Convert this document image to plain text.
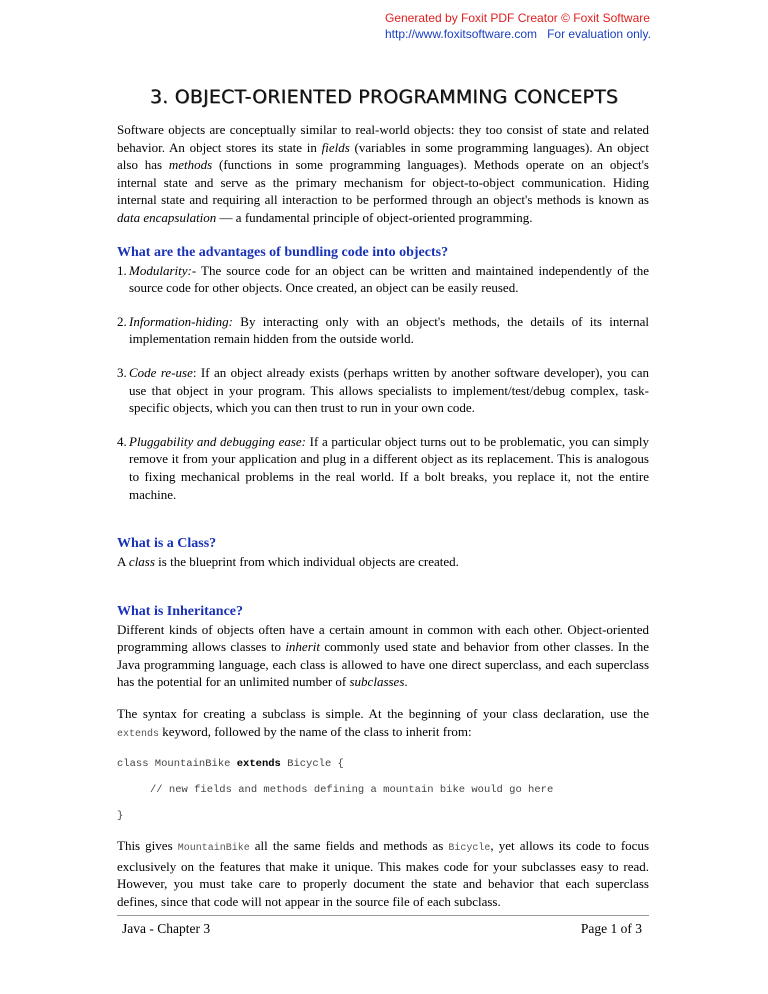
Generated by Foxit PDF Creator © Foxit Software
http://www.foxitsoftware.com For evaluation only.
3. OBJECT-ORIENTED PROGRAMMING CONCEPTS

Software objects are conceptually similar to real-world objects: they too consist of state and related behavior. An object stores its state in fields (variables in some programming languages). An object also has methods (functions in some programming languages). Methods operate on an object's internal state and serve as the primary mechanism for object-to-object communication. Hiding internal state and requiring all interaction to be performed through an object's methods is known as data encapsulation — a fundamental principle of object-oriented programming.

What are the advantages of bundling code into objects?
1. Modularity:- The source code for an object can be written and maintained independently of the source code for other objects. Once created, an object can be easily reused.
2. Information-hiding: By interacting only with an object's methods, the details of its internal implementation remain hidden from the outside world.
3. Code re-use: If an object already exists (perhaps written by another software developer), you can use that object in your program. This allows specialists to implement/test/debug complex, task-specific objects, which you can then trust to run in your own code.
4. Pluggability and debugging ease: If a particular object turns out to be problematic, you can simply remove it from your application and plug in a different object as its replacement. This is analogous to fixing mechanical problems in the real world. If a bolt breaks, you replace it, not the entire machine.
What is a Class?

A class is the blueprint from which individual objects are created.

What is Inheritance?

Different kinds of objects often have a certain amount in common with each other. Object-oriented programming allows classes to inherit commonly used state and behavior from other classes. In the Java programming language, each class is allowed to have one direct superclass, and each superclass has the potential for an unlimited number of subclasses.

The syntax for creating a subclass is simple. At the beginning of your class declaration, use the extends keyword, followed by the name of the class to inherit from:

class MountainBike extends Bicycle {
// new fields and methods defining a mountain bike would go here
}

This gives MountainBike all the same fields and methods as Bicycle, yet allows its code to focus exclusively on the features that make it unique. This makes code for your subclasses easy to read. However, you must take care to properly document the state and behavior that each superclass defines, since that code will not appear in the source file of each subclass.

Java - Chapter 3	Page 1 of 3
